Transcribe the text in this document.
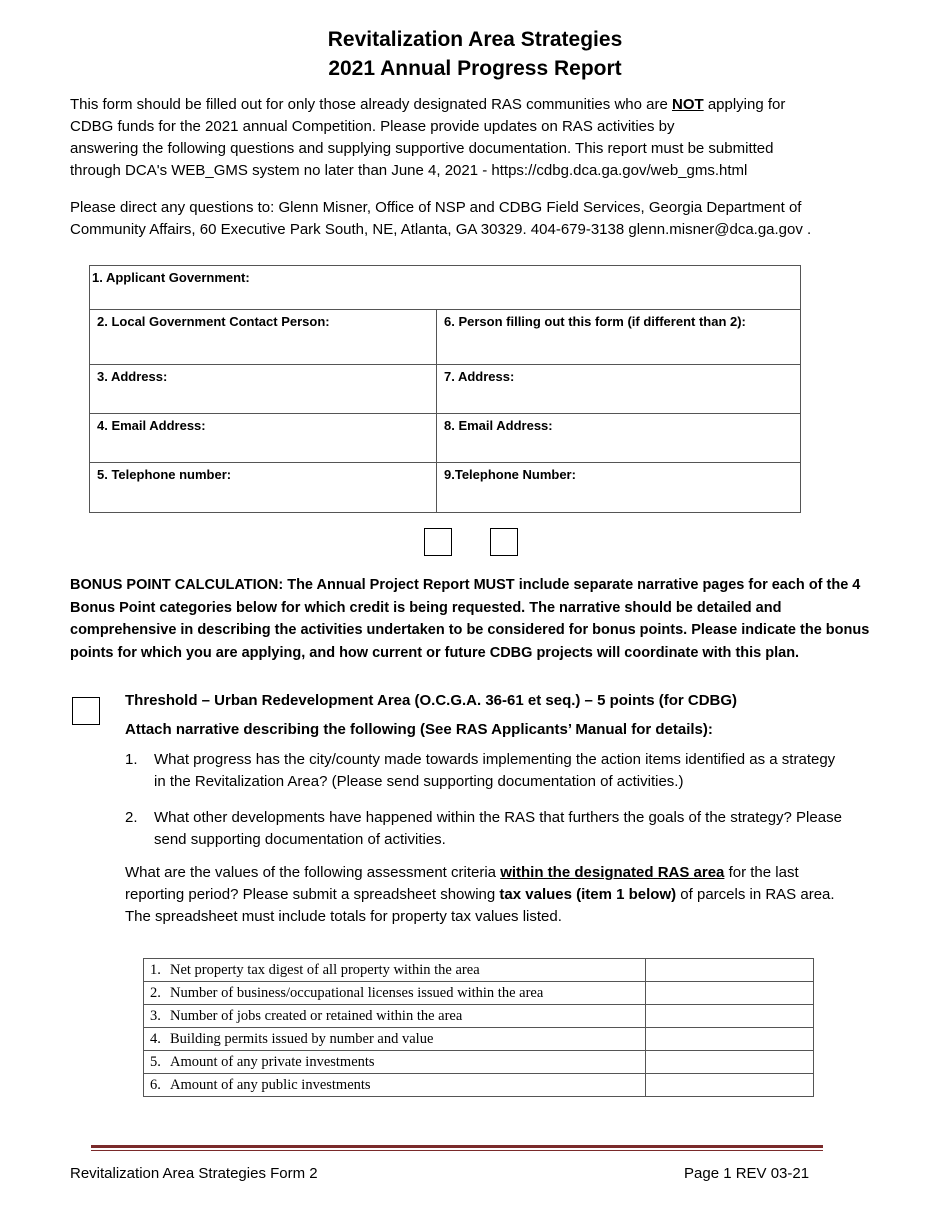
Revitalization Area Strategies
2021 Annual Progress Report
This form should be filled out for only those already designated RAS communities who are NOT applying for
CDBG funds for the 2021 annual Competition. Please provide updates on RAS activities by
answering the following questions and supplying supportive documentation. This report must be submitted
through DCA's WEB_GMS system no later than June 4, 2021 - https://cdbg.dca.ga.gov/web_gms.html
Please direct any questions to: Glenn Misner, Office of NSP and CDBG Field Services, Georgia Department of
Community Affairs, 60 Executive Park South, NE, Atlanta, GA 30329. 404-679-3138 glenn.misner@dca.ga.gov .
1. Applicant Government:	
2. Local Government Contact Person:	6. Person filling out this form (if different than 2):
3. Address:	7. Address:
4. Email Address:	8. Email Address:
5. Telephone number:	9.Telephone Number:
BONUS POINT CALCULATION: The Annual Project Report MUST include separate narrative pages for each of the 4
Bonus Point categories below for which credit is being requested. The narrative should be detailed and
comprehensive in describing the activities undertaken to be considered for bonus points. Please indicate the bonus
points for which you are applying, and how current or future CDBG projects will coordinate with this plan.
Threshold – Urban Redevelopment Area (O.C.G.A. 36-61 et seq.) – 5 points (for CDBG)
Attach narrative describing the following (See RAS Applicants’ Manual for details):
1. What progress has the city/county made towards implementing the action items identified as a strategy
in the Revitalization Area? (Please send supporting documentation of activities.)
2. What other developments have happened within the RAS that furthers the goals of the strategy? Please
send supporting documentation of activities.
What are the values of the following assessment criteria within the designated RAS area for the last
reporting period? Please submit a spreadsheet showing tax values (item 1 below) of parcels in RAS area.
The spreadsheet must include totals for property tax values listed.
1.	Net property tax digest of all property within the area	
2.	Number of business/occupational licenses issued within the area	
3.	Number of jobs created or retained within the area	
4.	Building permits issued by number and value	
5.	Amount of any private investments	
6.	Amount of any public investments	
Revitalization Area Strategies Form 2	Page 1 REV 03-21
